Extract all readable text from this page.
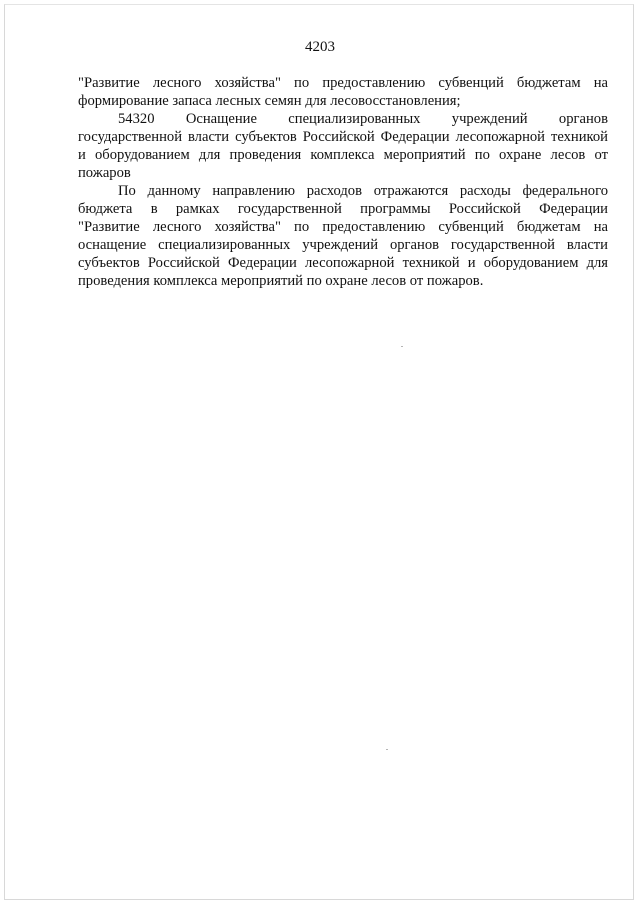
4203
"Развитие лесного хозяйства" по предоставлению субвенций бюджетам на
формирование запаса лесных семян для лесовосстановления;
54320 Оснащение специализированных учреждений органов
государственной власти субъектов Российской Федерации лесопожарной техникой
и оборудованием для проведения комплекса мероприятий по охране лесов от
пожаров
По данному направлению расходов отражаются расходы федерального
бюджета в рамках государственной программы Российской Федерации
"Развитие лесного хозяйства" по предоставлению субвенций бюджетам на
оснащение специализированных учреждений органов государственной власти
субъектов Российской Федерации лесопожарной техникой и оборудованием для
проведения комплекса мероприятий по охране лесов от пожаров.
